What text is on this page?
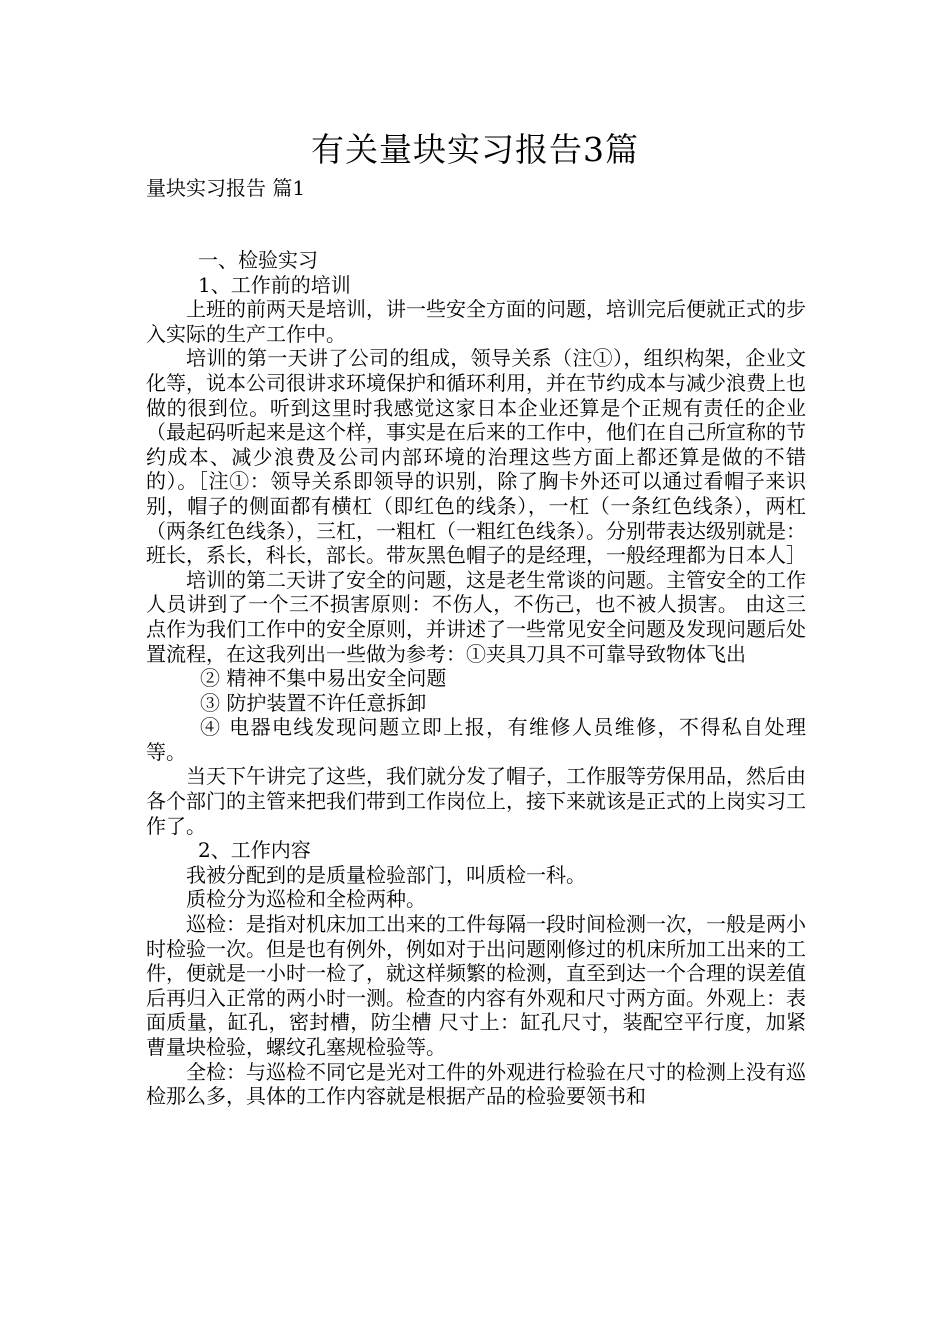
有关量块实习报告3篇
量块实习报告 篇1

一、检验实习

1、工作前的培训

上班的前两天是培训，讲一些安全方面的问题，培训完后便就正式的步入实际的生产工作中。

培训的第一天讲了公司的组成，领导关系（注①），组织构架，企业文化等，说本公司很讲求环境保护和循环利用，并在节约成本与减少浪费上也做的很到位。听到这里时我感觉这家日本企业还算是个正规有责任的企业（最起码听起来是这个样，事实是在后来的工作中，他们在自己所宣称的节约成本、减少浪费及公司内部环境的治理这些方面上都还算是做的不错的）。［注①：领导关系即领导的识别，除了胸卡外还可以通过看帽子来识别，帽子的侧面都有横杠（即红色的线条），一杠（一条红色线条），两杠（两条红色线条），三杠，一粗杠（一粗红色线条）。分别带表达级别就是：班长，系长，科长，部长。带灰黑色帽子的是经理，一般经理都为日本人］

培训的第二天讲了安全的问题，这是老生常谈的问题。主管安全的工作人员讲到了一个三不损害原则：不伤人，不伤己，也不被人损害。 由这三点作为我们工作中的安全原则，并讲述了一些常见安全问题及发现问题后处置流程，在这我列出一些做为参考：①夹具刀具不可靠导致物体飞出

② 精神不集中易出安全问题

③ 防护装置不许任意拆卸

④ 电器电线发现问题立即上报，有维修人员维修，不得私自处理等。

当天下午讲完了这些，我们就分发了帽子，工作服等劳保用品，然后由各个部门的主管来把我们带到工作岗位上，接下来就该是正式的上岗实习工作了。

2、工作内容

我被分配到的是质量检验部门，叫质检一科。

质检分为巡检和全检两种。

巡检：是指对机床加工出来的工件每隔一段时间检测一次，一般是两小时检验一次。但是也有例外，例如对于出问题刚修过的机床所加工出来的工件，便就是一小时一检了，就这样频繁的检测，直至到达一个合理的误差值后再归入正常的两小时一测。检查的内容有外观和尺寸两方面。外观上：表面质量，缸孔，密封槽，防尘槽 尺寸上：缸孔尺寸，装配空平行度，加紧曹量块检验，螺纹孔塞规检验等。

全检：与巡检不同它是光对工件的外观进行检验在尺寸的检测上没有巡检那么多，具体的工作内容就是根据产品的检验要领书和
